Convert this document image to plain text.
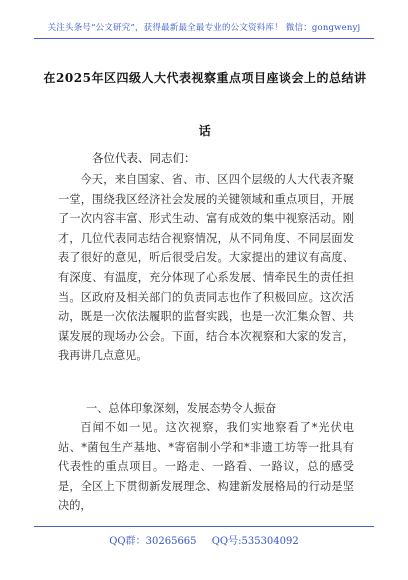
关注头条号“公文研究”，获得最新最全最专业的公文资料库！ 微信：gongwenyj
在2025年区四级人大代表视察重点项目座谈会上的总结讲
话
各位代表、同志们：

今天，来自国家、省、市、区四个层级的人大代表齐聚一堂，围绕我区经济社会发展的关键领域和重点项目，开展了一次内容丰富、形式生动、富有成效的集中视察活动。刚才，几位代表同志结合视察情况，从不同角度、不同层面发表了很好的意见，听后很受启发。大家提出的建议有高度、有深度、有温度，充分体现了心系发展、情牵民生的责任担当。区政府及相关部门的负责同志也作了积极回应。这次活动，既是一次依法履职的监督实践，也是一次汇集众智、共谋发展的现场办公会。下面，结合本次视察和大家的发言，我再讲几点意见。

一、总体印象深刻，发展态势令人振奋

百闻不如一见。这次视察，我们实地察看了*光伏电站、*菌包生产基地、*寄宿制小学和*非遗工坊等一批具有代表性的重点项目。一路走、一路看、一路议，总的感受是，全区上下贯彻新发展理念、构建新发展格局的行动是坚决的，

QQ群：30265665 QQ号:535304092
